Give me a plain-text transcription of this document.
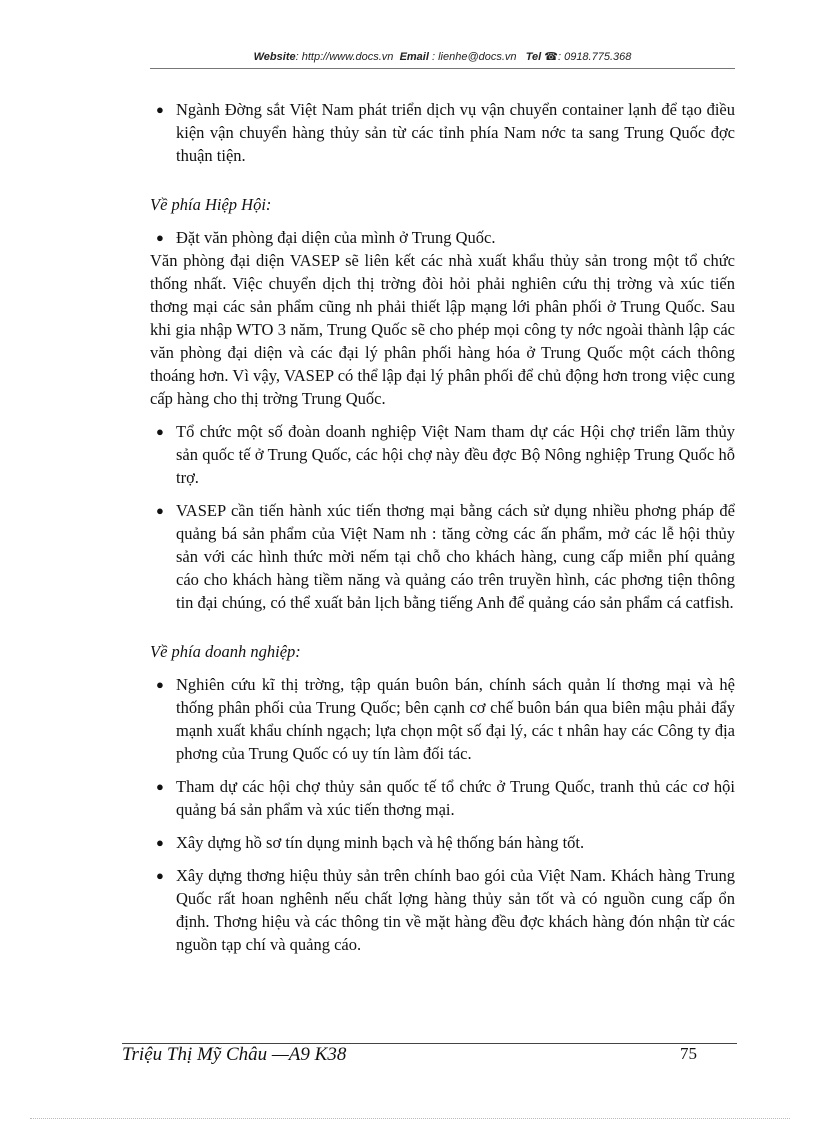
Website: http://www.docs.vn Email : lienhe@docs.vn Tel ☎: 0918.775.368

● Ngành Đờng sắt Việt Nam phát triển dịch vụ vận chuyển container lạnh để tạo điều kiện vận chuyển hàng thủy sản từ các tỉnh phía Nam nớc ta sang Trung Quốc đợc thuận tiện.

Về phía Hiệp Hội:

● Đặt văn phòng đại diện của mình ở Trung Quốc.

Văn phòng đại diện VASEP sẽ liên kết các nhà xuất khẩu thủy sản trong một tổ chức thống nhất. Việc chuyển dịch thị trờng đòi hỏi phải nghiên cứu thị trờng và xúc tiến thơng mại các sản phẩm cũng nh phải thiết lập mạng lới phân phối ở Trung Quốc. Sau khi gia nhập WTO 3 năm, Trung Quốc sẽ cho phép mọi công ty nớc ngoài thành lập các văn phòng đại diện và các đại lý phân phối hàng hóa ở Trung Quốc một cách thông thoáng hơn. Vì vậy, VASEP có thể lập đại lý phân phối để chủ động hơn trong việc cung cấp hàng cho thị trờng Trung Quốc.

● Tổ chức một số đoàn doanh nghiệp Việt Nam tham dự các Hội chợ triển lãm thủy sản quốc tế ở Trung Quốc, các hội chợ này đều đợc Bộ Nông nghiệp Trung Quốc hỗ trợ.

● VASEP cần tiến hành xúc tiến thơng mại bằng cách sử dụng nhiều phơng pháp để quảng bá sản phẩm của Việt Nam nh : tăng cờng các ấn phẩm, mở các lễ hội thủy sản với các hình thức mời nếm tại chỗ cho khách hàng, cung cấp miễn phí quảng cáo cho khách hàng tiềm năng và quảng cáo trên truyền hình, các phơng tiện thông tin đại chúng, có thể xuất bản lịch bằng tiếng Anh để quảng cáo sản phẩm cá catfish.

Về phía doanh nghiệp:

● Nghiên cứu kĩ thị trờng, tập quán buôn bán, chính sách quản lí thơng mại và hệ thống phân phối của Trung Quốc; bên cạnh cơ chế buôn bán qua biên mậu phải đẩy mạnh xuất khẩu chính ngạch; lựa chọn một số đại lý, các t nhân hay các Công ty địa phơng của Trung Quốc có uy tín làm đối tác.

● Tham dự các hội chợ thủy sản quốc tế tổ chức ở Trung Quốc, tranh thủ các cơ hội quảng bá sản phẩm và xúc tiến thơng mại.

● Xây dựng hồ sơ tín dụng minh bạch và hệ thống bán hàng tốt.

● Xây dựng thơng hiệu thủy sản trên chính bao gói của Việt Nam. Khách hàng Trung Quốc rất hoan nghênh nếu chất lợng hàng thủy sản tốt và có nguồn cung cấp ổn định. Thơng hiệu và các thông tin về mặt hàng đều đợc khách hàng đón nhận từ các nguồn tạp chí và quảng cáo.

Triệu Thị Mỹ Châu —A9 K38	75
